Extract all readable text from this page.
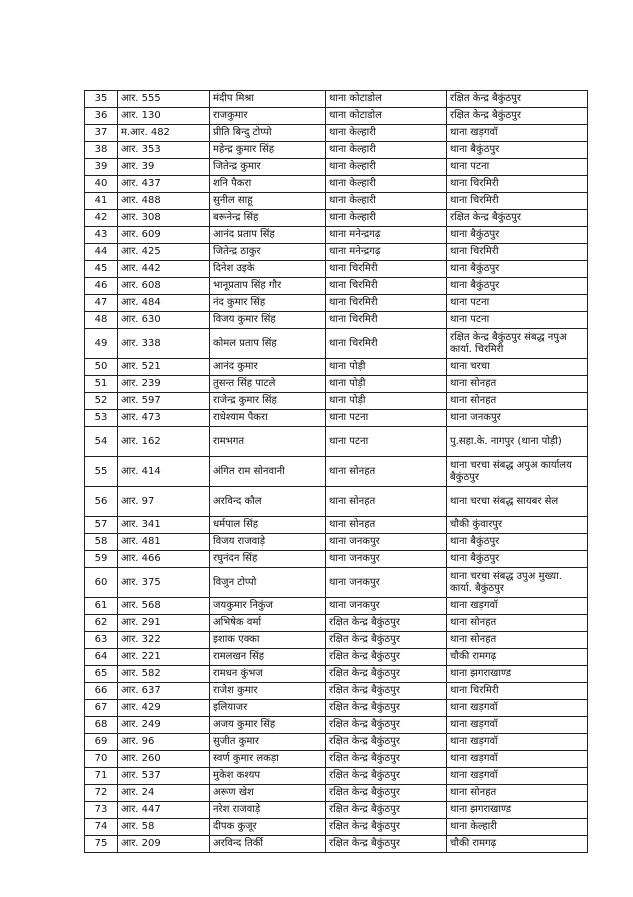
35	आर. 555	मंदीप मिश्रा	थाना कोटाडोल	रक्षित केन्द्र बैकुंठपुर
36	आर. 130	राजकुमार	थाना कोटाडोल	रक्षित केन्द्र बैकुंठपुर
37	म.आर. 482	प्रीति बिन्दु टोप्पो	थाना केल्हारी	थाना खड़गवॉ
38	आर. 353	महेन्द्र कुमार सिंह	थाना केल्हारी	थाना बैकुंठपुर
39	आर. 39	जितेन्द्र कुमार	थाना केल्हारी	थाना पटना
40	आर. 437	शनि पैकरा	थाना केल्हारी	थाना चिरमिरी
41	आर. 488	सुनील साहू	थाना केल्हारी	थाना चिरमिरी
42	आर. 308	बरूनेन्द्र सिंह	थाना केल्हारी	रक्षित केन्द्र बैकुंठपुर
43	आर. 609	आनंद प्रताप सिंह	थाना मनेन्द्रगढ़	थाना बैकुंठपुर
44	आर. 425	जितेन्द्र ठाकुर	थाना मनेन्द्रगढ़	थाना चिरमिरी
45	आर. 442	दिनेश उइके	थाना चिरमिरी	थाना बैकुंठपुर
46	आर. 608	भानूप्रताप सिंह गौर	थाना चिरमिरी	थाना बैकुंठपुर
47	आर. 484	नंद कुमार सिंह	थाना चिरमिरी	थाना पटना
48	आर. 630	विजय कुमार सिंह	थाना चिरमिरी	थाना पटना
49	आर. 338	कोमल प्रताप सिंह	थाना चिरमिरी	रक्षित केन्द्र बैकुंठपुर संबद्ध नपुअ कार्या. चिरमिरी
50	आर. 521	आनंद कुमार	थाना पोड़ी	थाना चरचा
51	आर. 239	तुसन्त सिंह पाटले	थाना पोड़ी	थाना सोनहत
52	आर. 597	राजेन्द्र कुमार सिंह	थाना पोड़ी	थाना सोनहत
53	आर. 473	राधेश्याम पैकरा	थाना पटना	थाना जनकपुर
54	आर. 162	रामभगत	थाना पटना	पु.सहा.के. नागपुर (थाना पोड़ी)
55	आर. 414	अंगित राम सोनवानी	थाना सोनहत	थाना चरचा संबद्ध अपुअ कार्यालय बैकुंठपुर
56	आर. 97	अरविन्द कौल	थाना सोनहत	थाना चरचा संबद्ध सायबर सेल
57	आर. 341	धर्मपाल सिंह	थाना सोनहत	चौकी कुंवारपुर
58	आर. 481	विजय राजवाड़े	थाना जनकपुर	थाना बैकुंठपुर
59	आर. 466	रघुनंदन सिंह	थाना जनकपुर	थाना बैकुंठपुर
60	आर. 375	विजुन टोप्पो	थाना जनकपुर	थाना चरचा संबद्ध उपुअ मुख्या. कार्या. बैकुंठपुर
61	आर. 568	जयकुमार निकुंज	थाना जनकपुर	थाना खड़गवॉ
62	आर. 291	अभिषेक वर्मा	रक्षित केन्द्र बैकुंठपुर	थाना सोनहत
63	आर. 322	इशाक एक्का	रक्षित केन्द्र बैकुंठपुर	थाना सोनहत
64	आर. 221	रामलखन सिंह	रक्षित केन्द्र बैकुंठपुर	चौकी रामगढ़
65	आर. 582	रामधन कुंभज	रक्षित केन्द्र बैकुंठपुर	थाना झगराखाण्ड
66	आर. 637	राजेश कुमार	रक्षित केन्द्र बैकुंठपुर	थाना चिरमिरी
67	आर. 429	इलियाजर	रक्षित केन्द्र बैकुंठपुर	थाना खड़गवॉ
68	आर. 249	अजय कुमार सिंह	रक्षित केन्द्र बैकुंठपुर	थाना खड़गवॉ
69	आर. 96	सुजीत कुमार	रक्षित केन्द्र बैकुंठपुर	थाना खड़गवॉ
70	आर. 260	स्वर्ण कुमार लकड़ा	रक्षित केन्द्र बैकुंठपुर	थाना खड़गवॉ
71	आर. 537	मुकेश कश्यप	रक्षित केन्द्र बैकुंठपुर	थाना खड़गवॉ
72	आर. 24	अरूण खेश	रक्षित केन्द्र बैकुंठपुर	थाना सोनहत
73	आर. 447	नरेश राजवाड़े	रक्षित केन्द्र बैकुंठपुर	थाना झगराखाण्ड
74	आर. 58	दीपक कुजूर	रक्षित केन्द्र बैकुंठपुर	थाना केल्हारी
75	आर. 209	अरविन्द तिर्की	रक्षित केन्द्र बैकुंठपुर	चौकी रामगढ़
